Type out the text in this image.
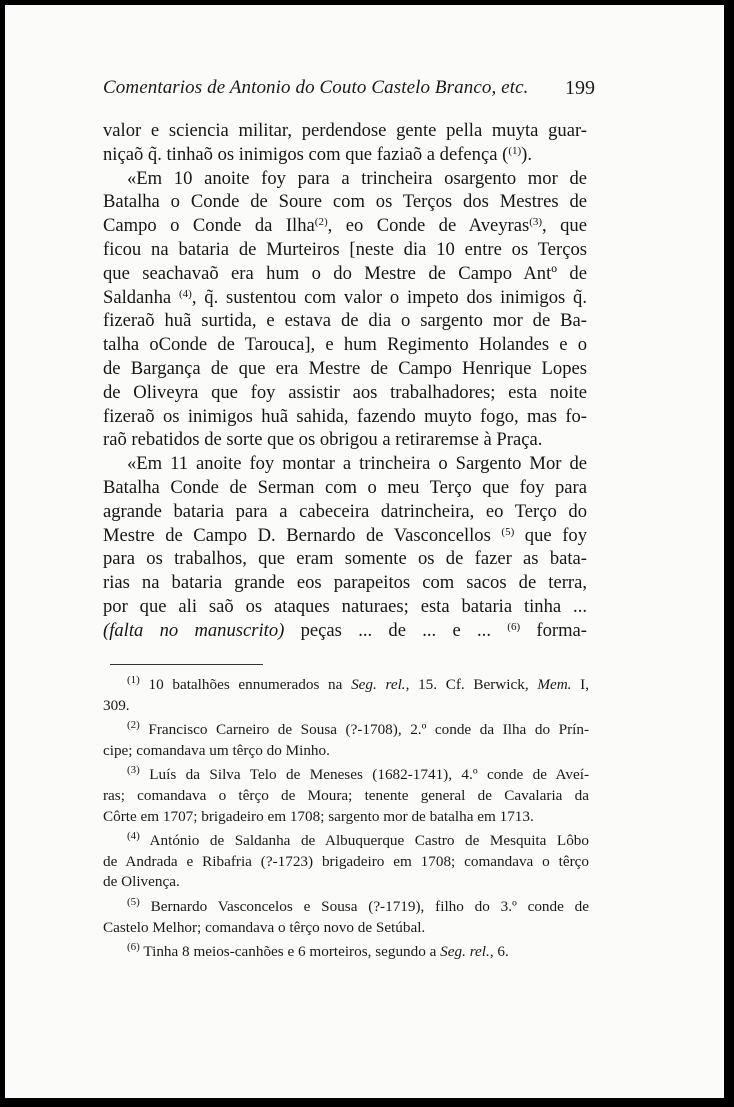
Comentarios de Antonio do Couto Castelo Branco, etc. 199
valor e sciencia militar, perdendose gente pella muyta guar-
niçaõ q̃. tinhaõ os inimigos com que faziaõ a defença ($^{(1)}$).
«Em 10 anoite foy para a trincheira osargento mor de
Batalha o Conde de Soure com os Terços dos Mestres de
Campo o Conde da Ilha$^{(2)}$, eo Conde de Aveyras$^{(3)}$, que
ficou na bataria de Murteiros [neste dia 10 entre os Terços
que seachavaõ era hum o do Mestre de Campo Antº de
Saldanha $^{(4)}$, q̃. sustentou com valor o impeto dos inimigos q̃.
fizeraõ huã surtida, e estava de dia o sargento mor de Ba-
talha oConde de Tarouca], e hum Regimento Holandes e o
de Bargança de que era Mestre de Campo Henrique Lopes
de Oliveyra que foy assistir aos trabalhadores; esta noite
fizeraõ os inimigos huã sahida, fazendo muyto fogo, mas fo-
raõ rebatidos de sorte que os obrigou a retiraremse à Praça.
«Em 11 anoite foy montar a trincheira o Sargento Mor de
Batalha Conde de Serman com o meu Terço que foy para
agrande bataria para a cabeceira datrincheira, eo Terço do
Mestre de Campo D. Bernardo de Vasconcellos $^{(5)}$ que foy
para os trabalhos, que eram somente os de fazer as bata-
rias na bataria grande eos parapeitos com sacos de terra,
por que ali saõ os ataques naturaes; esta bataria tinha ...
(falta no manuscrito) peças ... de ... e ... $^{(6)}$ forma-
$^{(1)}$ 10 batalhões ennumerados na Seg. rel., 15. Cf. Berwick, Mem. I,
309.
$^{(2)}$ Francisco Carneiro de Sousa (?-1708), 2.º conde da Ilha do Prín-
cipe; comandava um têrço do Minho.
$^{(3)}$ Luís da Silva Telo de Meneses (1682-1741), 4.º conde de Aveí-
ras; comandava o têrço de Moura; tenente general de Cavalaria da
Côrte em 1707; brigadeiro em 1708; sargento mor de batalha em 1713.
$^{(4)}$ António de Saldanha de Albuquerque Castro de Mesquita Lôbo
de Andrada e Ribafria (?-1723) brigadeiro em 1708; comandava o têrço
de Olivença.
$^{(5)}$ Bernardo Vasconcelos e Sousa (?-1719), filho do 3.º conde de
Castelo Melhor; comandava o têrço novo de Setúbal.
$^{(6)}$ Tinha 8 meios-canhões e 6 morteiros, segundo a Seg. rel., 6.
